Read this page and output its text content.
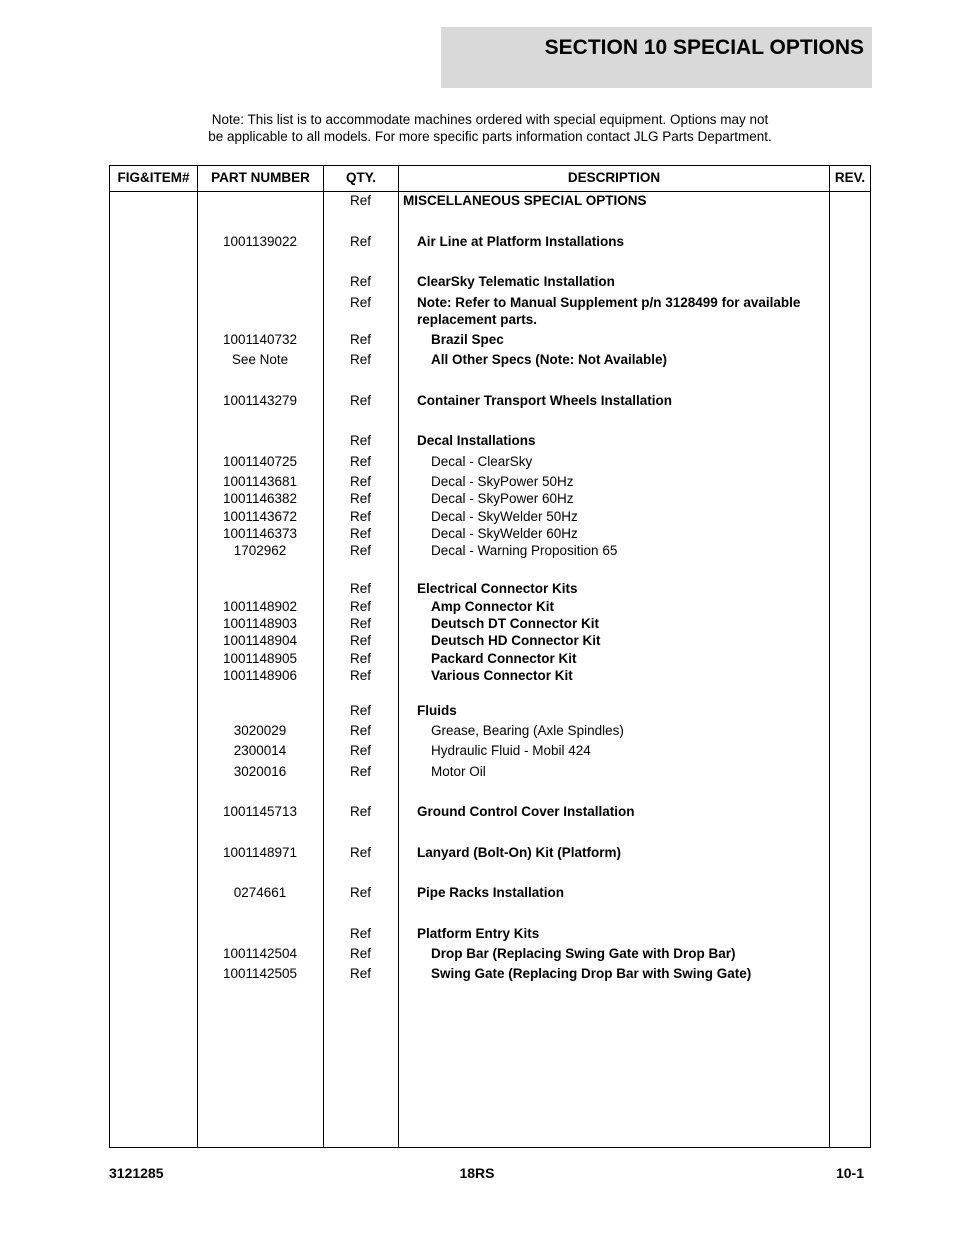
SECTION 10 SPECIAL OPTIONS
Note: This list is to accommodate machines ordered with special equipment. Options may not
be applicable to all models. For more specific parts information contact JLG Parts Department.
FIG&ITEM#	PART NUMBER	QTY.	DESCRIPTION	REV.
Ref	MISCELLANEOUS SPECIAL OPTIONS
1001139022	Ref	Air Line at Platform Installations
Ref	ClearSky Telematic Installation
Ref	Note: Refer to Manual Supplement p/n 3128499 for available replacement parts.
1001140732	Ref	Brazil Spec
See Note	Ref	All Other Specs (Note: Not Available)
1001143279	Ref	Container Transport Wheels Installation
Ref	Decal Installations
1001140725	Ref	Decal - ClearSky
1001143681	Ref	Decal - SkyPower 50Hz
1001146382	Ref	Decal - SkyPower 60Hz
1001143672	Ref	Decal - SkyWelder 50Hz
1001146373	Ref	Decal - SkyWelder 60Hz
1702962	Ref	Decal - Warning Proposition 65
Ref	Electrical Connector Kits
1001148902	Ref	Amp Connector Kit
1001148903	Ref	Deutsch DT Connector Kit
1001148904	Ref	Deutsch HD Connector Kit
1001148905	Ref	Packard Connector Kit
1001148906	Ref	Various Connector Kit
Ref	Fluids
3020029	Ref	Grease, Bearing (Axle Spindles)
2300014	Ref	Hydraulic Fluid - Mobil 424
3020016	Ref	Motor Oil
1001145713	Ref	Ground Control Cover Installation
1001148971	Ref	Lanyard (Bolt-On) Kit (Platform)
0274661	Ref	Pipe Racks Installation
Ref	Platform Entry Kits
1001142504	Ref	Drop Bar (Replacing Swing Gate with Drop Bar)
1001142505	Ref	Swing Gate (Replacing Drop Bar with Swing Gate)
3121285	18RS	10-1
